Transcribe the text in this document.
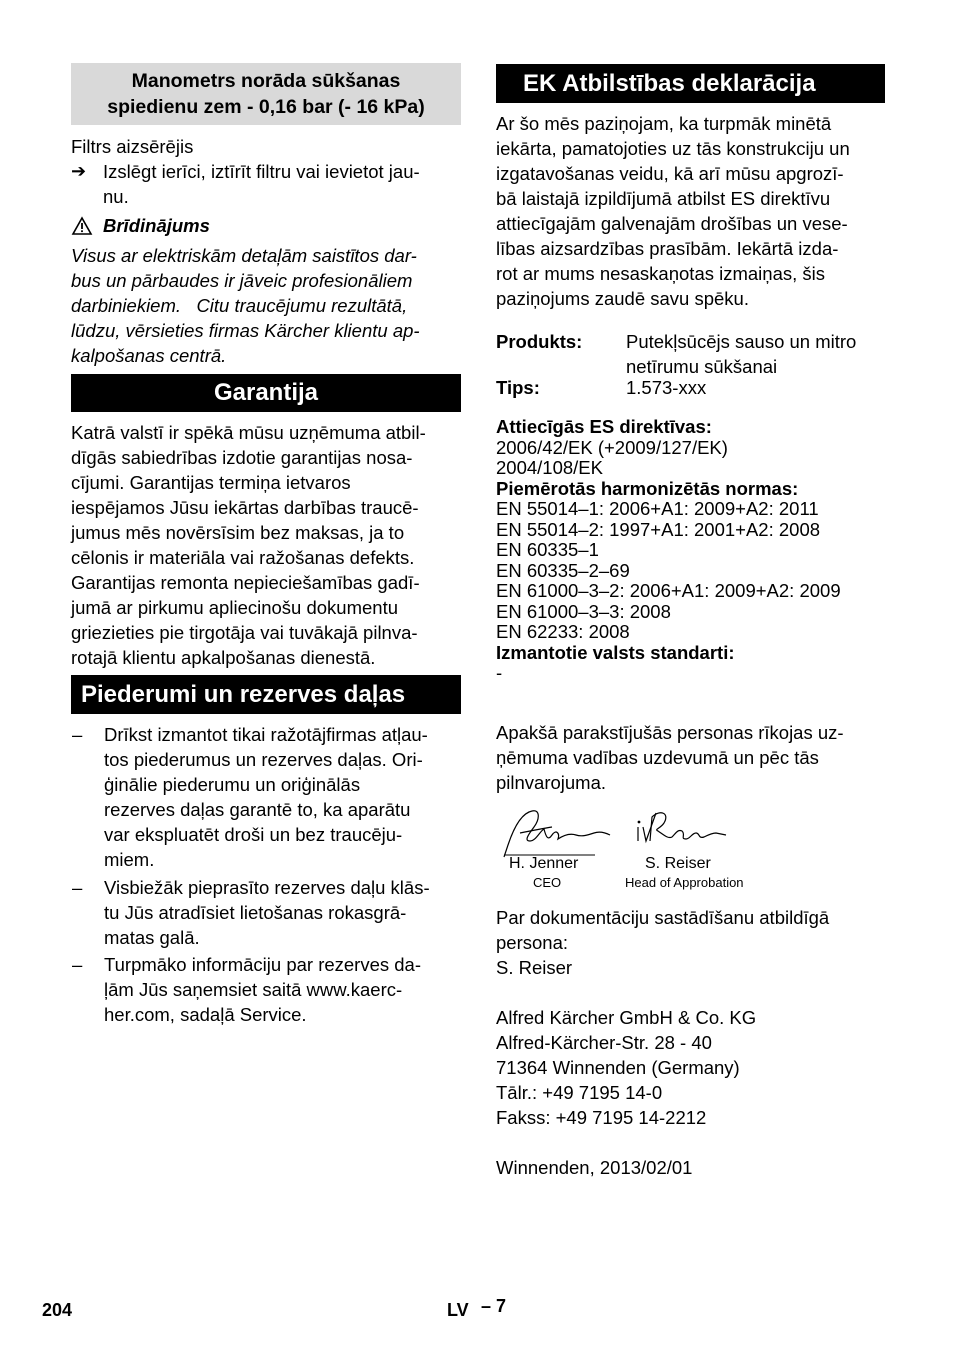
Manometrs norāda sūkšanas
spiedienu zem - 0,16 bar (- 16 kPa)

Filtrs aizsērējis

➔ Izslēgt ierīci, iztīrīt filtru vai ievietot jau-
nu.
Brīdinājums
Visus ar elektriskām detaļām saistītos dar-
bus un pārbaudes ir jāveic profesionāliem
darbiniekiem.   Citu traucējumu rezultātā,
lūdzu, vērsieties firmas Kärcher klientu ap-
kalpošanas centrā.
Garantija
Katrā valstī ir spēkā mūsu uzņēmuma atbil-
dīgās sabiedrības izdotie garantijas nosa-
cījumi. Garantijas termiņa ietvaros
iespējamos Jūsu iekārtas darbības traucē-
jumus mēs novērsīsim bez maksas, ja to
cēlonis ir materiāla vai ražošanas defekts.
Garantijas remonta nepieciešamības gadī-
jumā ar pirkumu apliecinošu dokumentu
griezieties pie tirgotāja vai tuvākajā pilnva-
rotajā klientu apkalpošanas dienestā.
Piederumi un rezerves daļas
–	Drīkst izmantot tikai ražotājfirmas atļau-
tos piederumus un rezerves daļas. Ori-
ģinālie piederumu un oriģinālās
rezerves daļas garantē to, ka aparātu
var ekspluatēt droši un bez traucēju-
miem.
–	Visbiežāk pieprasīto rezerves daļu klās-
tu Jūs atradīsiet lietošanas rokasgrā-
matas galā.
–	Turpmāko informāciju par rezerves da-
ļām Jūs saņemsiet saitā www.kaerc-
her.com, sadaļā Service.
EK Atbilstības deklarācija
Ar šo mēs paziņojam, ka turpmāk minētā
iekārta, pamatojoties uz tās konstrukciju un
izgatavošanas veidu, kā arī mūsu apgrozī-
bā laistajā izpildījumā atbilst ES direktīvu
attiecīgajām galvenajām drošības un vese-
lības aizsardzības prasībām. Iekārtā izda-
rot ar mums nesaskaņotas izmaiņas, šis
paziņojums zaudē savu spēku.
Produkts:	Putekļsūcējs sauso un mitro
netīrumu sūkšanai
Tips:	1.573-xxx
Attiecīgās ES direktīvas:
2006/42/EK (+2009/127/EK)
2004/108/EK
Piemērotās harmonizētās normas:
EN 55014–1: 2006+A1: 2009+A2: 2011
EN 55014–2: 1997+A1: 2001+A2: 2008
EN 60335–1
EN 60335–2–69
EN 61000–3–2: 2006+A1: 2009+A2: 2009
EN 61000–3–3: 2008
EN 62233: 2008
Izmantotie valsts standarti:
-
Apakšā parakstījušās personas rīkojas uz-
ņēmuma vadības uzdevumā un pēc tās
pilnvarojuma.
H. Jenner
CEO
S. Reiser
Head of Approbation
Par dokumentāciju sastādīšanu atbildīgā
persona:
S. Reiser
Alfred Kärcher GmbH & Co. KG
Alfred-Kärcher-Str. 28 - 40
71364 Winnenden (Germany)
Tālr.: +49 7195 14-0
Fakss: +49 7195 14-2212
Winnenden, 2013/02/01
204	LV – 7
